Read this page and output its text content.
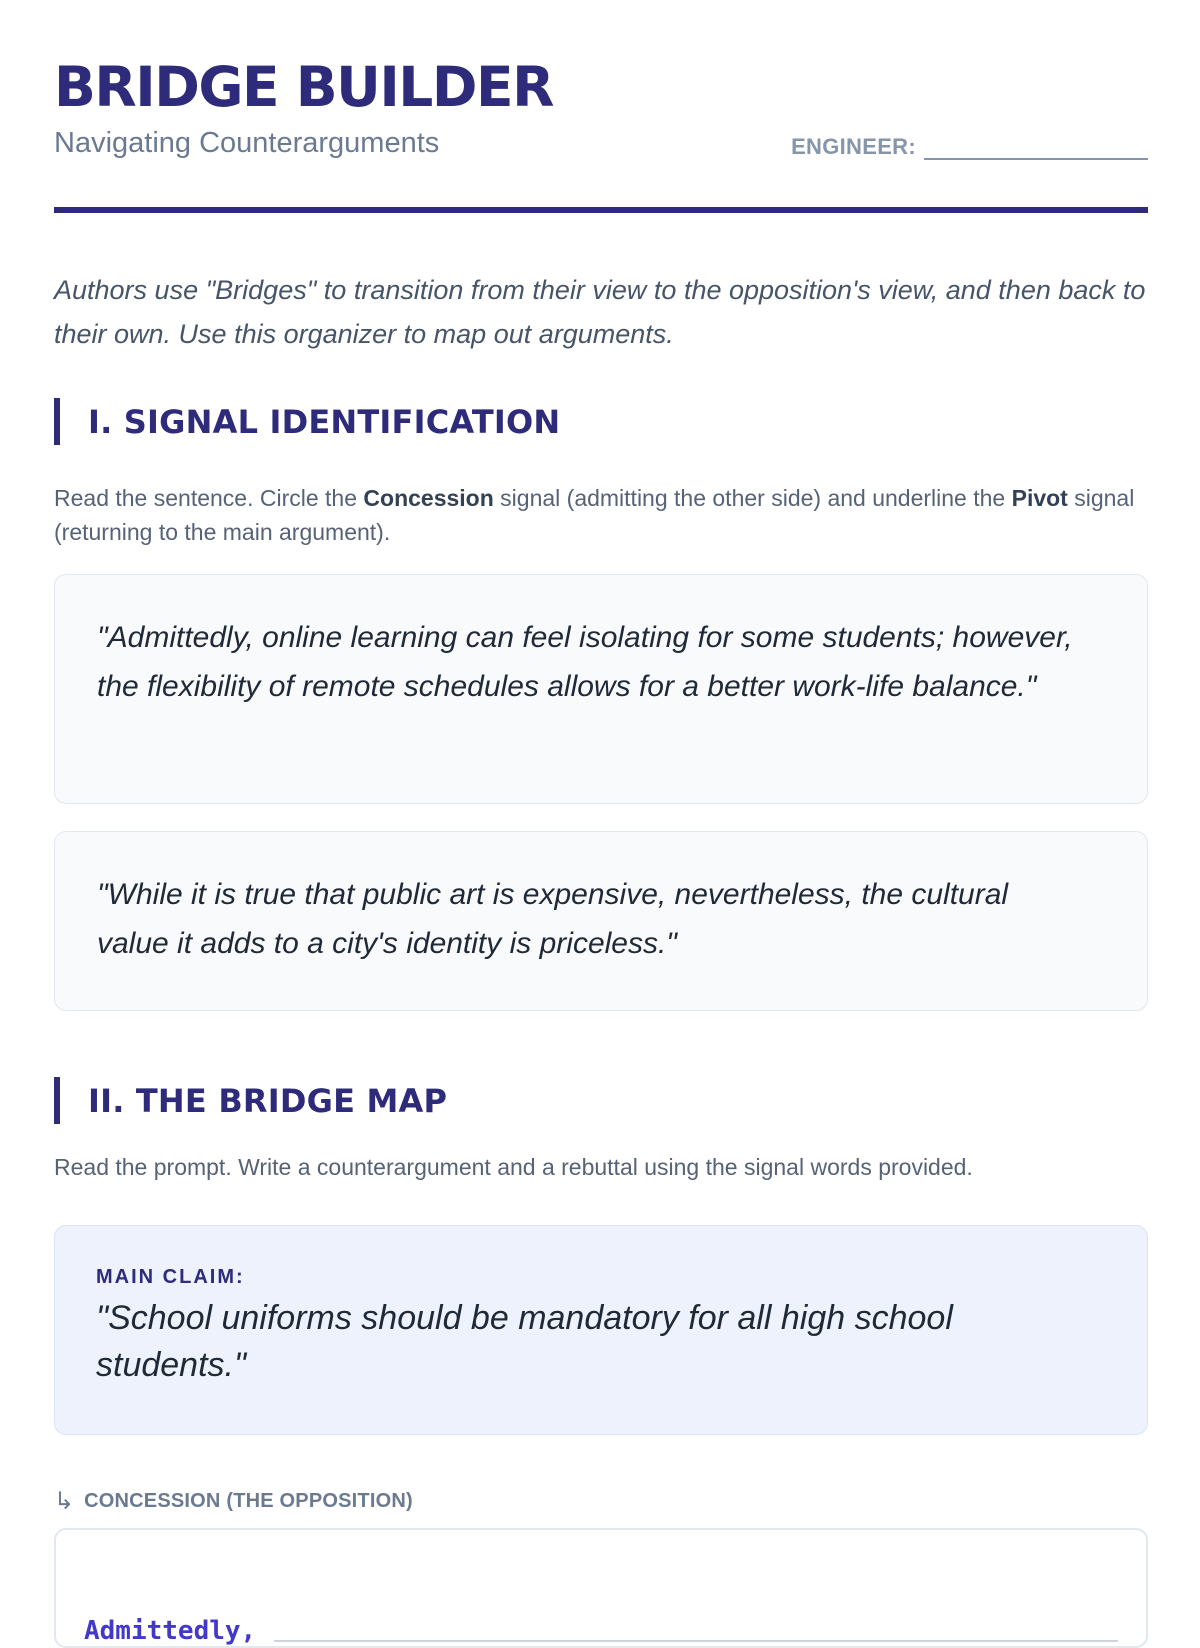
BRIDGE BUILDER
Navigating Counterarguments	ENGINEER:

Authors use "Bridges" to transition from their view to the opposition's view, and then back to their own. Use this organizer to map out arguments.

I. SIGNAL IDENTIFICATION

Read the sentence. Circle the Concession signal (admitting the other side) and underline the Pivot signal (returning to the main argument).

"Admittedly, online learning can feel isolating for some students; however, the flexibility of remote schedules allows for a better work-life balance."

"While it is true that public art is expensive, nevertheless, the cultural value it adds to a city's identity is priceless."

II. THE BRIDGE MAP

Read the prompt. Write a counterargument and a rebuttal using the signal words provided.

MAIN CLAIM:

"School uniforms should be mandatory for all high school students."

↳ CONCESSION (THE OPPOSITION)
Admittedly,
